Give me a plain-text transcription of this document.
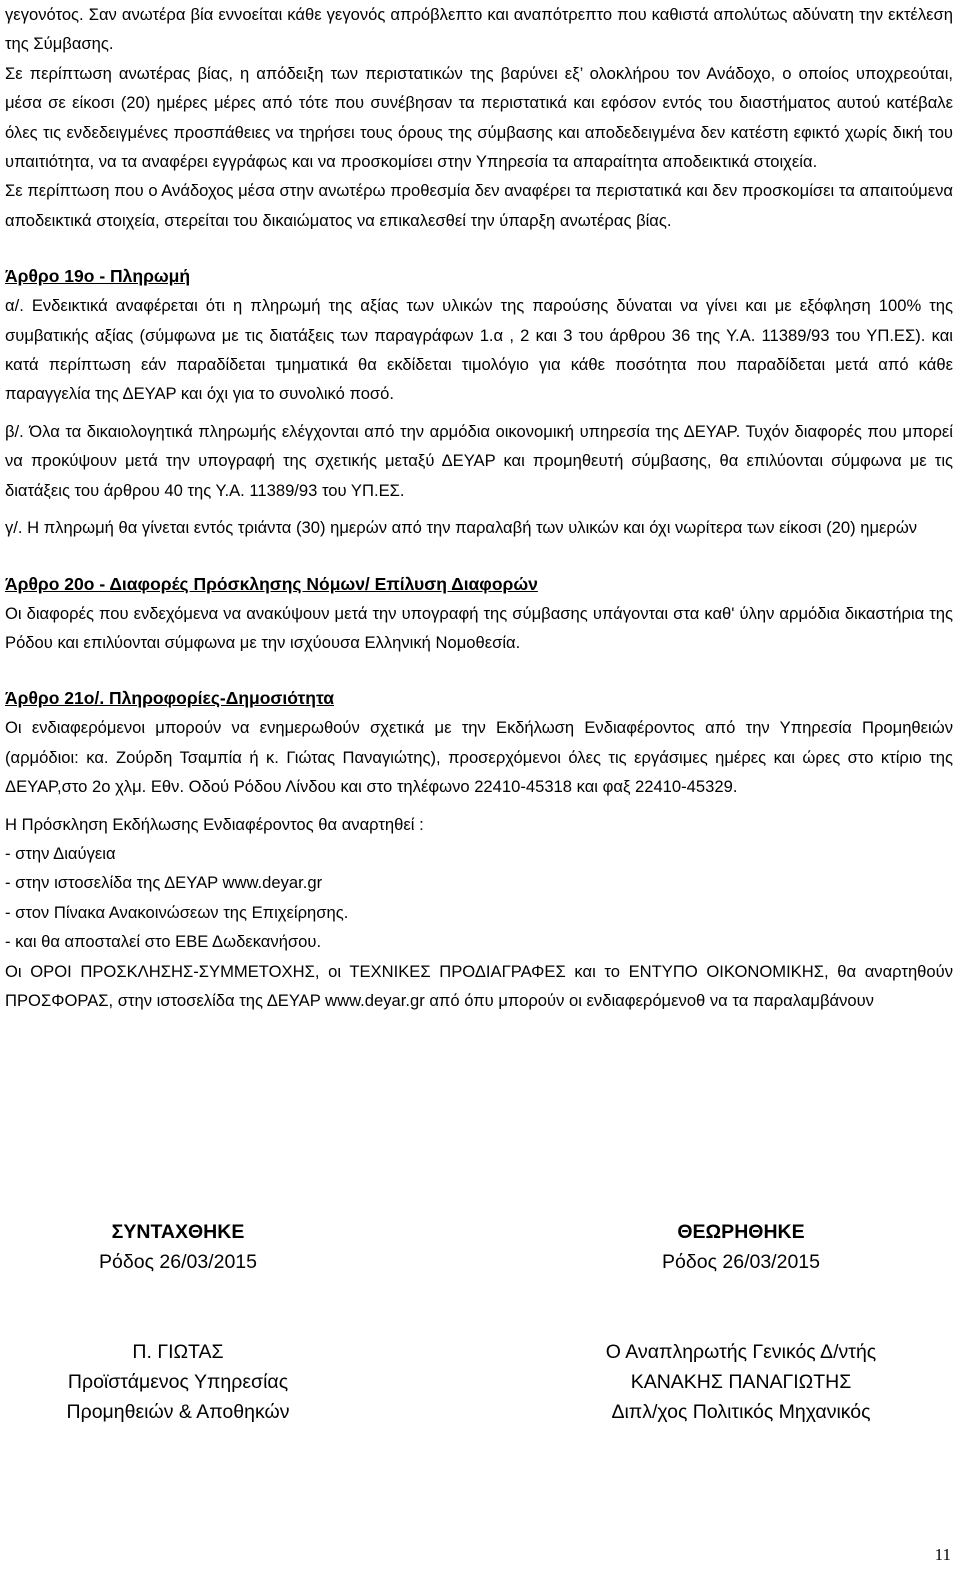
γεγονότος. Σαν ανωτέρα βία εννοείται κάθε γεγονός απρόβλεπτο και αναπότρεπτο που καθιστά απολύτως αδύνατη την εκτέλεση της Σύμβασης.

Σε περίπτωση ανωτέρας βίας, η απόδειξη των περιστατικών της βαρύνει εξ’ ολοκλήρου τον Ανάδοχο, ο οποίος υποχρεούται, μέσα σε είκοσι (20) ημέρες μέρες από τότε που συνέβησαν τα περιστατικά και εφόσον εντός του διαστήματος αυτού κατέβαλε όλες τις ενδεδειγμένες προσπάθειες να τηρήσει τους όρους της σύμβασης και αποδεδειγμένα δεν κατέστη εφικτό χωρίς δική του υπαιτιότητα, να τα αναφέρει εγγράφως και να προσκομίσει στην Υπηρεσία τα απαραίτητα αποδεικτικά στοιχεία.

Σε περίπτωση που ο Ανάδοχος μέσα στην ανωτέρω προθεσμία δεν αναφέρει τα περιστατικά και δεν προσκομίσει τα απαιτούμενα αποδεικτικά στοιχεία, στερείται του δικαιώματος να επικαλεσθεί την ύπαρξη ανωτέρας βίας.

Άρθρο 19ο - Πληρωμή

α/. Ενδεικτικά αναφέρεται ότι η πληρωμή της αξίας των υλικών της παρούσης δύναται να γίνει και με εξόφληση 100% της συμβατικής αξίας (σύμφωνα με τις διατάξεις των παραγράφων 1.α , 2 και 3 του άρθρου 36 της Υ.Α. 11389/93 του ΥΠ.ΕΣ). και κατά περίπτωση εάν παραδίδεται τμηματικά θα εκδίδεται τιμολόγιο για κάθε ποσότητα που παραδίδεται μετά από κάθε παραγγελία της ΔΕΥΑΡ και όχι για το συνολικό ποσό.

β/. Όλα τα δικαιολογητικά πληρωμής ελέγχονται από την αρμόδια οικονομική υπηρεσία της ΔΕΥΑΡ. Τυχόν διαφορές που μπορεί να προκύψουν μετά την υπογραφή της σχετικής μεταξύ ΔΕΥΑΡ και προμηθευτή σύμβασης, θα επιλύονται σύμφωνα με τις διατάξεις του άρθρου 40 της Υ.Α. 11389/93 του ΥΠ.ΕΣ.

γ/. Η πληρωμή θα γίνεται εντός τριάντα (30) ημερών από την παραλαβή των υλικών και όχι νωρίτερα των είκοσι (20) ημερών

Άρθρο 20ο - Διαφορές Πρόσκλησης Νόμων/ Επίλυση Διαφορών

Οι διαφορές που ενδεχόμενα να ανακύψουν μετά την υπογραφή της σύμβασης υπάγονται στα καθ' ύλην αρμόδια δικαστήρια της Ρόδου και επιλύονται σύμφωνα με την ισχύουσα Ελληνική Νομοθεσία.

Άρθρο 21ο/. Πληροφορίες-Δημοσιότητα

Οι ενδιαφερόμενοι μπορούν να ενημερωθούν σχετικά με την Εκδήλωση Ενδιαφέροντος από την Υπηρεσία Προμηθειών (αρμόδιοι: κα. Ζούρδη Τσαμπία ή κ. Γιώτας Παναγιώτης), προσερχόμενοι όλες τις εργάσιμες ημέρες και ώρες στο κτίριο της ΔΕΥΑΡ,στο 2ο χλμ. Εθν. Οδού Ρόδου Λίνδου και στο τηλέφωνο 22410-45318 και φαξ 22410-45329.

Η Πρόσκληση Εκδήλωσης Ενδιαφέροντος θα αναρτηθεί :

- στην Διαύγεια

- στην ιστοσελίδα της ΔΕΥΑΡ www.deyar.gr

- στον Πίνακα Ανακοινώσεων της Επιχείρησης.

- και θα αποσταλεί στο ΕΒΕ Δωδεκανήσου.

Οι ΟΡΟΙ ΠΡΟΣΚΛΗΣΗΣ-ΣΥΜΜΕΤΟΧΗΣ, οι ΤΕΧΝΙΚΕΣ ΠΡΟΔΙΑΓΡΑΦΕΣ και το ΕΝΤΥΠΟ ΟΙΚΟΝΟΜΙΚΗΣ, θα αναρτηθούν ΠΡΟΣΦΟΡΑΣ, στην ιστοσελίδα της ΔΕΥΑΡ www.deyar.gr από όπυ μπορούν οι ενδιαφερόμενοθ να τα παραλαμβάνουν

ΣΥΝΤΑΧΘΗΚΕ
Ρόδος 26/03/2015
Π. ΓΙΩΤΑΣ
Προϊστάμενος Υπηρεσίας
Προμηθειών & Αποθηκών
ΘΕΩΡΗΘΗΚΕ
Ρόδος 26/03/2015
Ο Αναπληρωτής Γενικός Δ/ντής
ΚΑΝΑΚΗΣ ΠΑΝΑΓΙΩΤΗΣ
Διπλ/χος Πολιτικός Μηχανικός
11
